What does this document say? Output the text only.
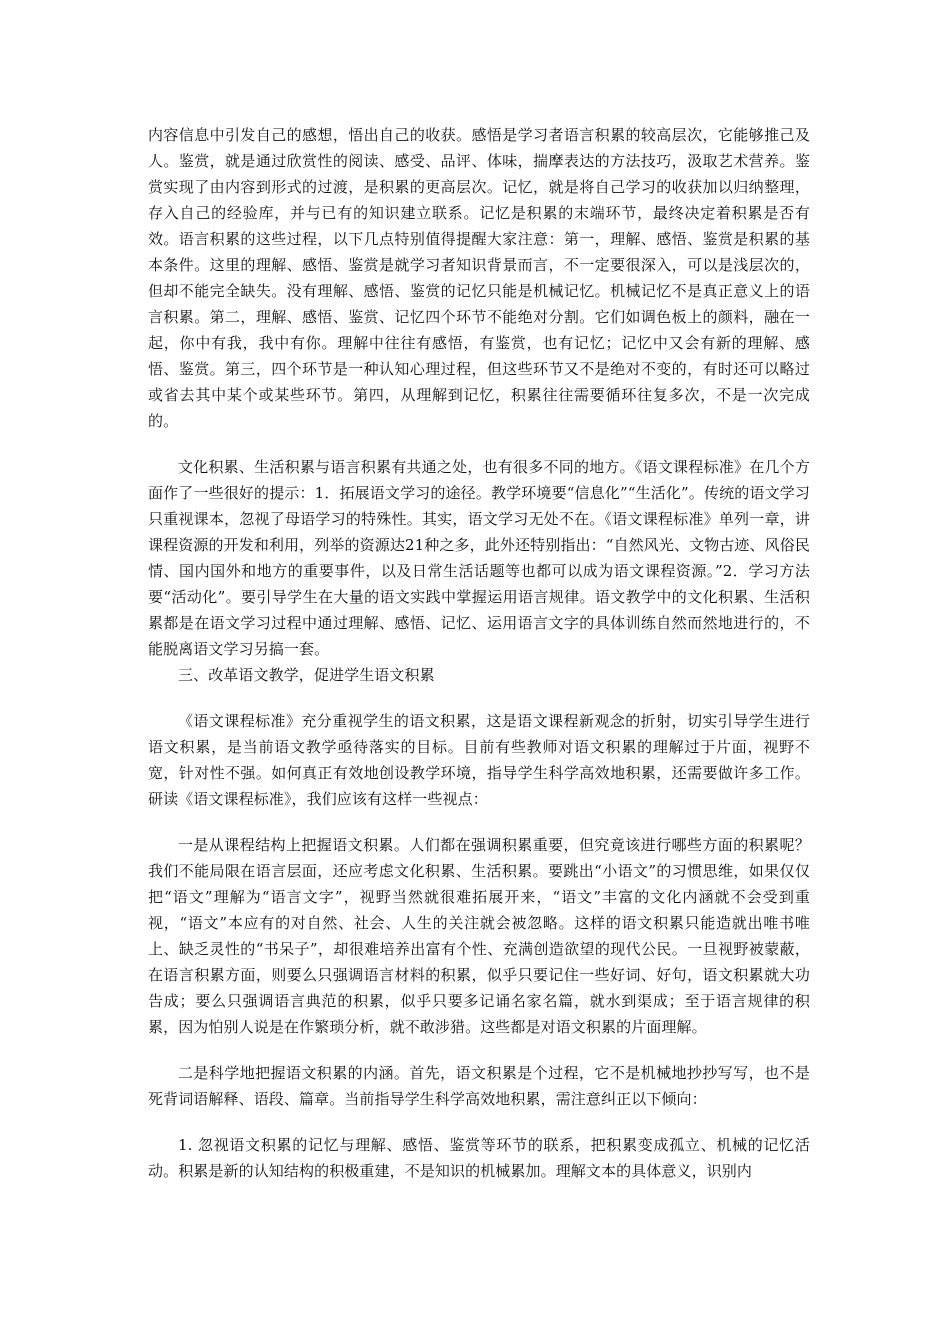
内容信息中引发自己的感想，悟出自己的收获。感悟是学习者语言积累的较高层次，它能够推己及人。鉴赏，就是通过欣赏性的阅读、感受、品评、体味，揣摩表达的方法技巧，汲取艺术营养。鉴赏实现了由内容到形式的过渡，是积累的更高层次。记忆，就是将自己学习的收获加以归纳整理，存入自己的经验库，并与已有的知识建立联系。记忆是积累的末端环节，最终决定着积累是否有效。语言积累的这些过程，以下几点特别值得提醒大家注意：第一，理解、感悟、鉴赏是积累的基本条件。这里的理解、感悟、鉴赏是就学习者知识背景而言，不一定要很深入，可以是浅层次的，但却不能完全缺失。没有理解、感悟、鉴赏的记忆只能是机械记忆。机械记忆不是真正意义上的语言积累。第二，理解、感悟、鉴赏、记忆四个环节不能绝对分割。它们如调色板上的颜料，融在一起，你中有我，我中有你。理解中往往有感悟，有鉴赏，也有记忆；记忆中又会有新的理解、感悟、鉴赏。第三，四个环节是一种认知心理过程，但这些环节又不是绝对不变的，有时还可以略过或省去其中某个或某些环节。第四，从理解到记忆，积累往往需要循环往复多次，不是一次完成的。

文化积累、生活积累与语言积累有共通之处，也有很多不同的地方。《语文课程标准》在几个方面作了一些很好的提示：1．拓展语文学习的途径。教学环境要“信息化”“生活化”。传统的语文学习只重视课本，忽视了母语学习的特殊性。其实，语文学习无处不在。《语文课程标准》单列一章，讲课程资源的开发和利用，列举的资源达21种之多，此外还特别指出：“自然风光、文物古迹、风俗民情、国内国外和地方的重要事件，以及日常生活话题等也都可以成为语文课程资源。”2．学习方法要“活动化”。要引导学生在大量的语文实践中掌握运用语言规律。语文教学中的文化积累、生活积累都是在语文学习过程中通过理解、感悟、记忆、运用语言文字的具体训练自然而然地进行的，不能脱离语文学习另搞一套。

三、改革语文教学，促进学生语文积累

《语文课程标准》充分重视学生的语文积累，这是语文课程新观念的折射，切实引导学生进行语文积累，是当前语文教学亟待落实的目标。目前有些教师对语文积累的理解过于片面，视野不宽，针对性不强。如何真正有效地创设教学环境，指导学生科学高效地积累，还需要做许多工作。研读《语文课程标准》，我们应该有这样一些视点：

一是从课程结构上把握语文积累。人们都在强调积累重要，但究竟该进行哪些方面的积累呢？我们不能局限在语言层面，还应考虑文化积累、生活积累。要跳出“小语文”的习惯思维，如果仅仅把“语文”理解为“语言文字”，视野当然就很难拓展开来，“语文”丰富的文化内涵就不会受到重视，“语文”本应有的对自然、社会、人生的关注就会被忽略。这样的语文积累只能造就出唯书唯上、缺乏灵性的“书呆子”，却很难培养出富有个性、充满创造欲望的现代公民。一旦视野被蒙蔽，在语言积累方面，则要么只强调语言材料的积累，似乎只要记住一些好词、好句，语文积累就大功告成；要么只强调语言典范的积累，似乎只要多记诵名家名篇，就水到渠成；至于语言规律的积累，因为怕别人说是在作繁琐分析，就不敢涉猎。这些都是对语文积累的片面理解。

二是科学地把握语文积累的内涵。首先，语文积累是个过程，它不是机械地抄抄写写，也不是死背词语解释、语段、篇章。当前指导学生科学高效地积累，需注意纠正以下倾向：

1. 忽视语文积累的记忆与理解、感悟、鉴赏等环节的联系，把积累变成孤立、机械的记忆活动。积累是新的认知结构的积极重建，不是知识的机械累加。理解文本的具体意义，识别内
